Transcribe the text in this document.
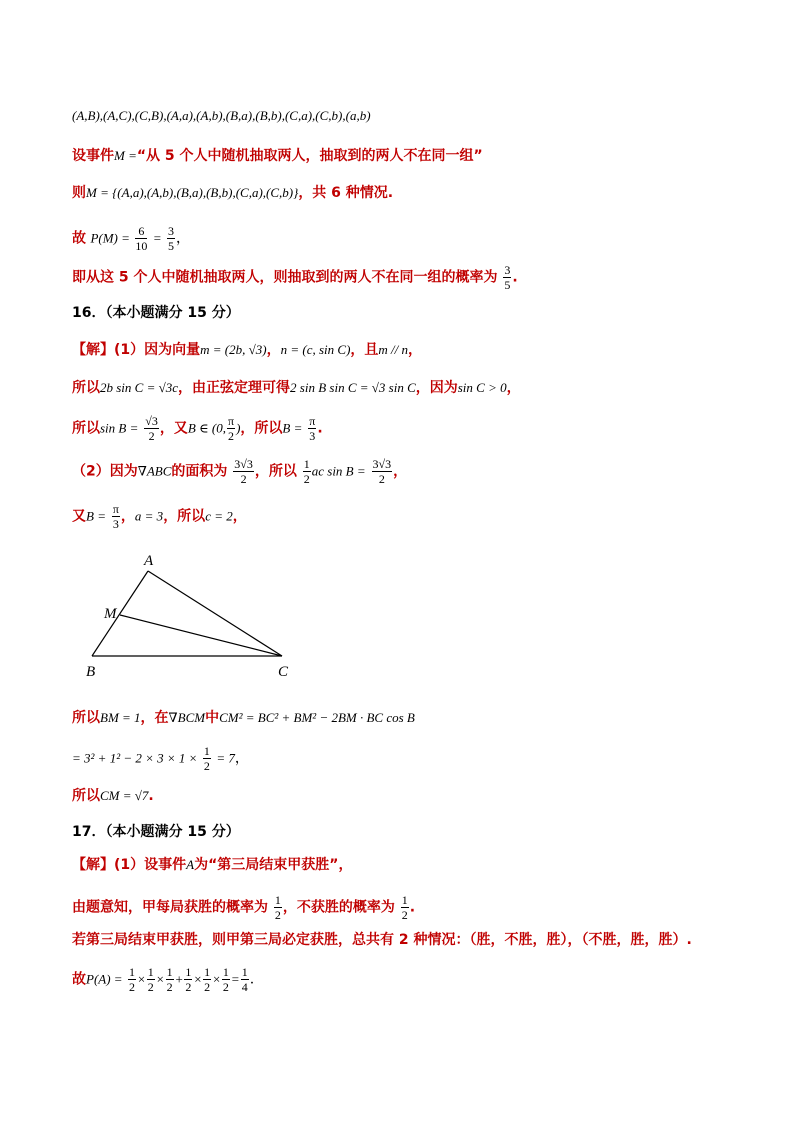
(A,B),(A,C),(C,B),(A,a),(A,b),(B,a),(B,b),(C,a),(C,b),(a,b)
设事件M =“从 5 个人中随机抽取两人，抽取到的两人不在同一组”
则M = {(A,a),(A,b),(B,a),(B,b),(C,a),(C,b)}，共 6 种情况.
故 $P(M) = \frac{6}{10} = \frac{3}{5}$ ，
即从这 5 个人中随机抽取两人，则抽取到的两人不在同一组的概率为 $\frac{3}{5}$ .
16．（本小题满分 15 分）
【解】(1）因为向量m = (2b, √3)，n = (c, sin C)，且m // n，
所以2b sin C = √3c，由正弦定理可得2 sin B sin C = √3 sin C，因为sin C > 0，
所以$\sin B = \frac{√3}{2}$ ，又B ∈ (0, $\frac{\pi}{2}$ )，所以$B = \frac{\pi}{3}$ .
（2）因为∇ABC的面积为 $\frac{3√3}{2}$ ，所以 $\frac{1}{2}$ ac $\sin B = \frac{3√3}{2}$ ，
又$B = \frac{\pi}{3}$ ，a = 3，所以c = 2，
A
M
B	C
所以BM = 1，在∇BCM中CM² = BC² + BM² − 2BM · BC cos B
= $3^2 + 1^2 - 2 \times 3 \times 1 \times \frac{1}{2} = 7$，
所以CM = √7.
17．（本小题满分 15 分）
【解】(1）设事件A为“第三局结束甲获胜”，
由题意知，甲每局获胜的概率为 $\frac{1}{2}$ ，不获胜的概率为 $\frac{1}{2}$ .
若第三局结束甲获胜，则甲第三局必定获胜，总共有 2 种情况：（胜，不胜，胜），（不胜，胜，胜）.
故$P(A) = \frac{1}{2} \times \frac{1}{2} \times \frac{1}{2} + \frac{1}{2} \times \frac{1}{2} \times \frac{1}{2} = \frac{1}{4}$ .
